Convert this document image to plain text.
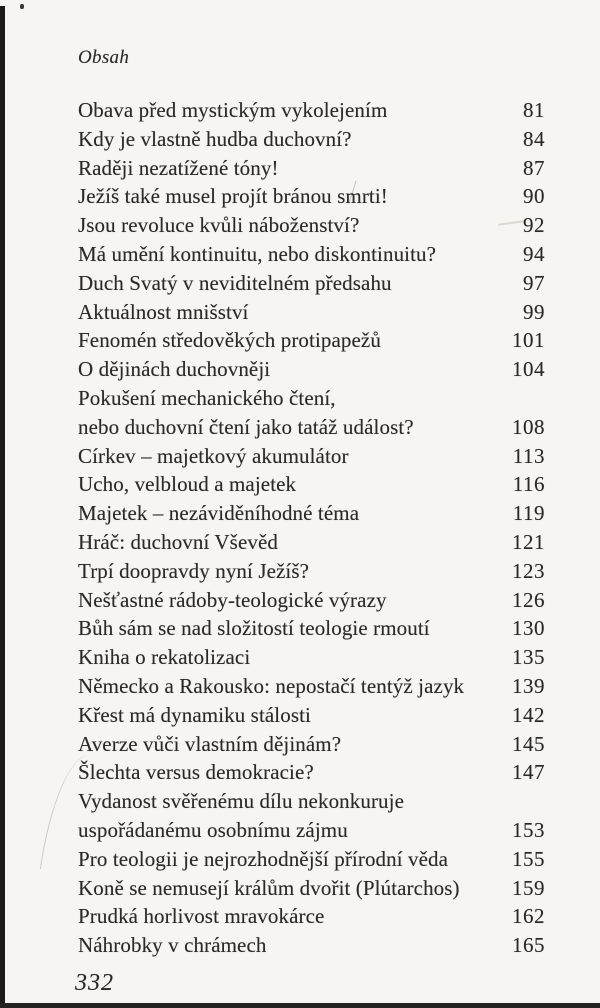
Obsah
Obava před mystickým vykolejením	81
Kdy je vlastně hudba duchovní?	84
Raději nezatížené tóny!	87
Ježíš také musel projít bránou smrti!	90
Jsou revoluce kvůli náboženství?	92
Má umění kontinuitu, nebo diskontinuitu?	94
Duch Svatý v neviditelném předsahu	97
Aktuálnost mnišství	99
Fenomén středověkých protipapežů	101
O dějinách duchovněji	104
Pokušení mechanického čtení,
nebo duchovní čtení jako tatáž událost?	108
Církev – majetkový akumulátor	113
Ucho, velbloud a majetek	116
Majetek – nezáviděníhodné téma	119
Hráč: duchovní Vševěd	121
Trpí doopravdy nyní Ježíš?	123
Nešťastné rádoby-teologické výrazy	126
Bůh sám se nad složitostí teologie rmoutí	130
Kniha o rekatolizaci	135
Německo a Rakousko: nepostačí tentýž jazyk	139
Křest má dynamiku stálosti	142
Averze vůči vlastním dějinám?	145
Šlechta versus demokracie?	147
Vydanost svěřenému dílu nekonkuruje
uspořádanému osobnímu zájmu	153
Pro teologii je nejrozhodnější přírodní věda	155
Koně se nemusejí králům dvořit (Plútarchos)	159
Prudká horlivost mravokárce	162
Náhrobky v chrámech	165
332
